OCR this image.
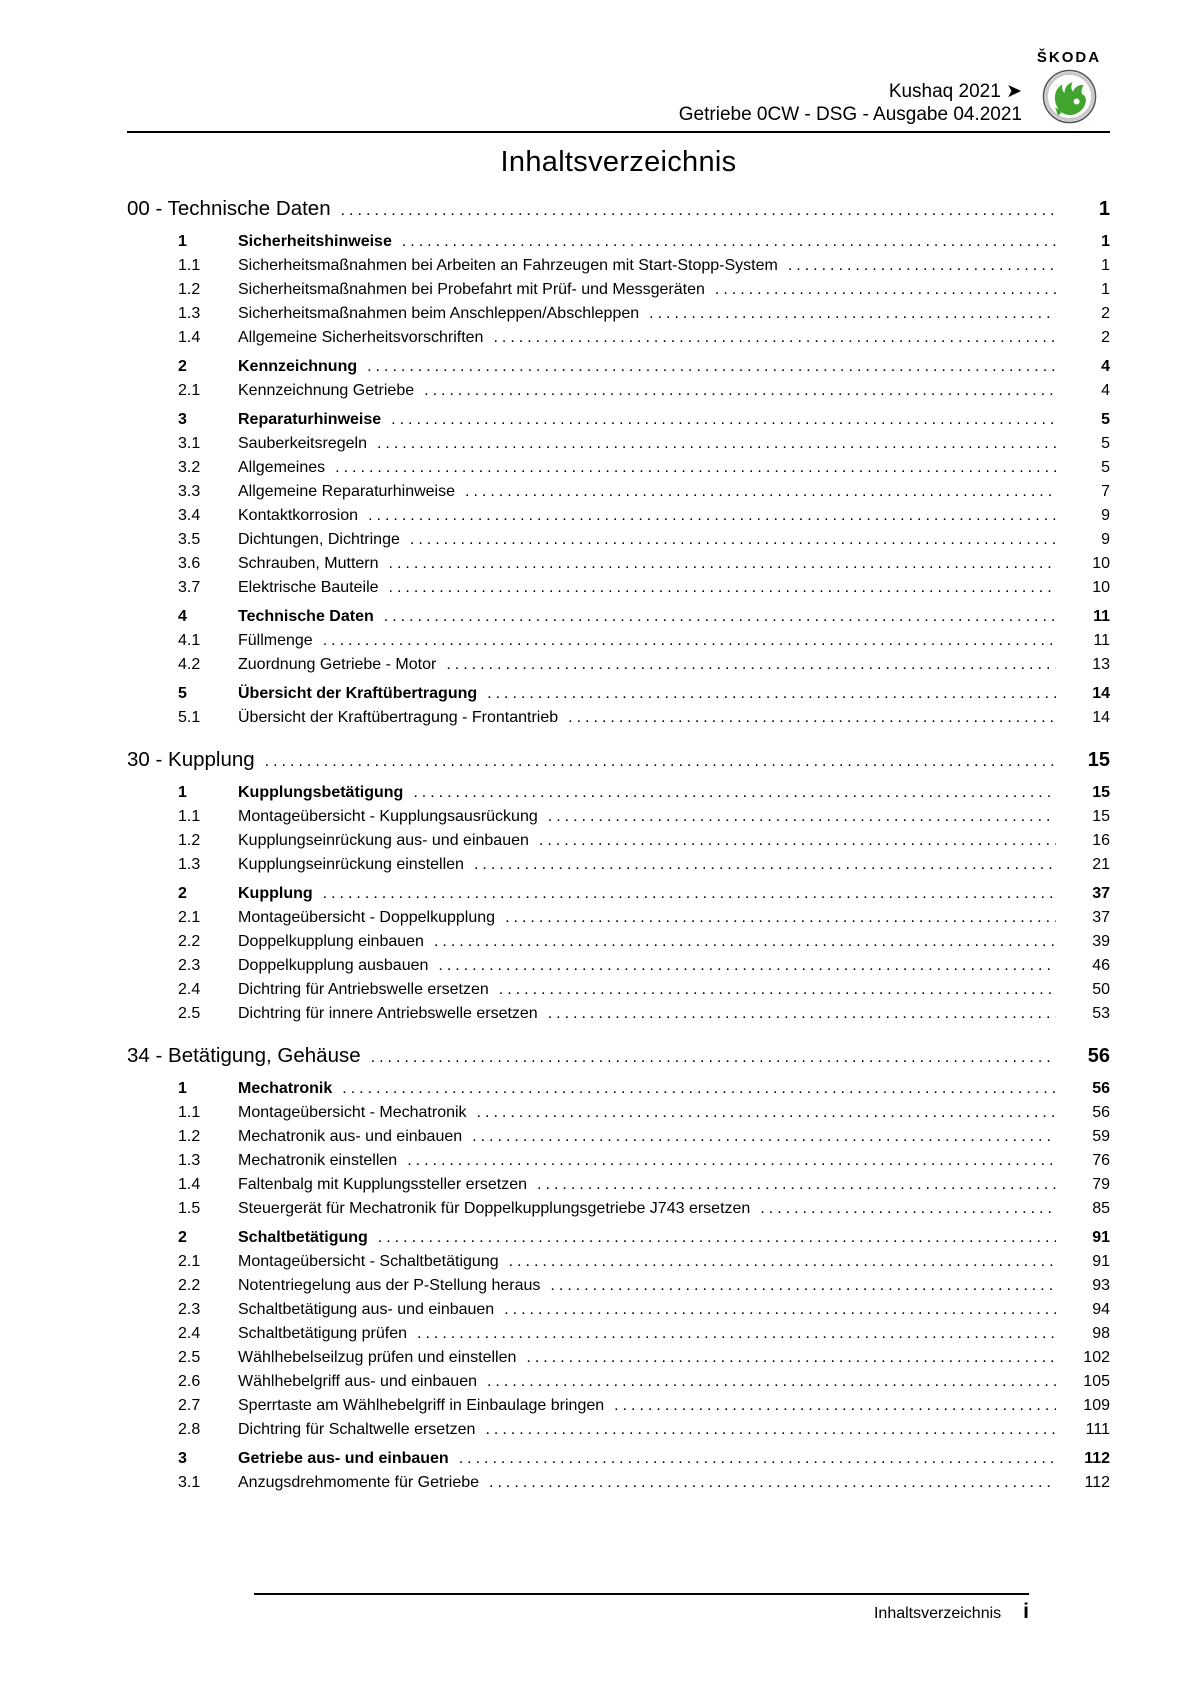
Kushaq 2021 ➤
Getriebe 0CW - DSG - Ausgabe 04.2021
ŠKODA
Inhaltsverzeichnis
00 - Technische Daten .....	1
1	Sicherheitshinweise .....	1
1.1	Sicherheitsmaßnahmen bei Arbeiten an Fahrzeugen mit Start-Stopp-System .....	1
1.2	Sicherheitsmaßnahmen bei Probefahrt mit Prüf- und Messgeräten .....	1
1.3	Sicherheitsmaßnahmen beim Anschleppen/Abschleppen .....	2
1.4	Allgemeine Sicherheitsvorschriften .....	2
2	Kennzeichnung .....	4
2.1	Kennzeichnung Getriebe .....	4
3	Reparaturhinweise .....	5
3.1	Sauberkeitsregeln .....	5
3.2	Allgemeines .....	5
3.3	Allgemeine Reparaturhinweise .....	7
3.4	Kontaktkorrosion .....	9
3.5	Dichtungen, Dichtringe .....	9
3.6	Schrauben, Muttern .....	10
3.7	Elektrische Bauteile .....	10
4	Technische Daten .....	11
4.1	Füllmenge .....	11
4.2	Zuordnung Getriebe - Motor .....	13
5	Übersicht der Kraftübertragung .....	14
5.1	Übersicht der Kraftübertragung - Frontantrieb .....	14
30 - Kupplung .....	15
1	Kupplungsbetätigung .....	15
1.1	Montageübersicht - Kupplungsausrückung .....	15
1.2	Kupplungseinrückung aus- und einbauen .....	16
1.3	Kupplungseinrückung einstellen .....	21
2	Kupplung .....	37
2.1	Montageübersicht - Doppelkupplung .....	37
2.2	Doppelkupplung einbauen .....	39
2.3	Doppelkupplung ausbauen .....	46
2.4	Dichtring für Antriebswelle ersetzen .....	50
2.5	Dichtring für innere Antriebswelle ersetzen .....	53
34 - Betätigung, Gehäuse .....	56
1	Mechatronik .....	56
1.1	Montageübersicht - Mechatronik .....	56
1.2	Mechatronik aus- und einbauen .....	59
1.3	Mechatronik einstellen .....	76
1.4	Faltenbalg mit Kupplungssteller ersetzen .....	79
1.5	Steuergerät für Mechatronik für Doppelkupplungsgetriebe J743 ersetzen .....	85
2	Schaltbetätigung .....	91
2.1	Montageübersicht - Schaltbetätigung .....	91
2.2	Notentriegelung aus der P-Stellung heraus .....	93
2.3	Schaltbetätigung aus- und einbauen .....	94
2.4	Schaltbetätigung prüfen .....	98
2.5	Wählhebelseilzug prüfen und einstellen .....	102
2.6	Wählhebelgriff aus- und einbauen .....	105
2.7	Sperrtaste am Wählhebelgriff in Einbaulage bringen .....	109
2.8	Dichtring für Schaltwelle ersetzen .....	111
3	Getriebe aus- und einbauen .....	112
3.1	Anzugsdrehmomente für Getriebe .....	112
Inhaltsverzeichnis i
